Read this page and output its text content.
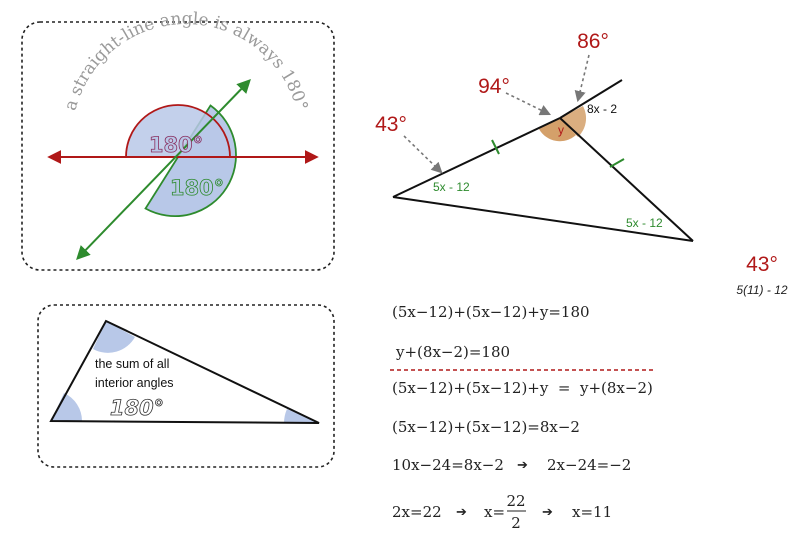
a straight-line angle is always 180°
180°
180°
the sum of all
interior angles
180°
43°
94°
86°
y
8x - 2
5x - 12
5x - 12
43°
5(11) - 12
(5x−12)+(5x−12)+y=180
y+(8x−2)=180
(5x−12)+(5x−12)+y  =  y+(8x−2)
(5x−12)+(5x−12)=8x−2
10x−24=8x−2 ➔ 2x−24=−2
2x=22 ➔ x=
22
2
➔ x=11
